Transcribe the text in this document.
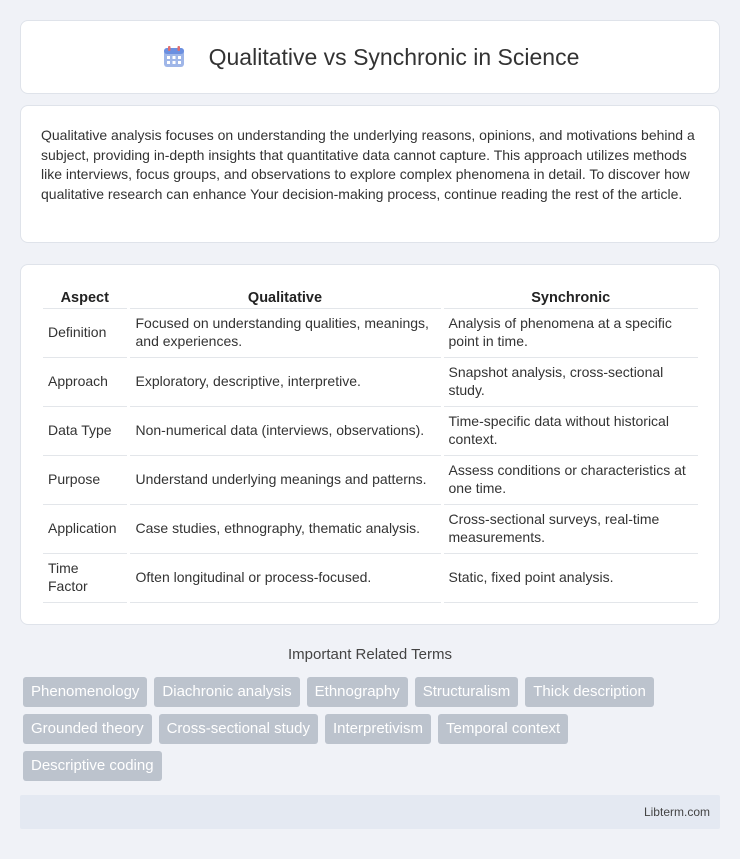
Qualitative vs Synchronic in Science

Qualitative analysis focuses on understanding the underlying reasons, opinions, and motivations behind a subject, providing in-depth insights that quantitative data cannot capture. This approach utilizes methods like interviews, focus groups, and observations to explore complex phenomena in detail. To discover how qualitative research can enhance Your decision-making process, continue reading the rest of the article.

Aspect	Qualitative	Synchronic
Definition	Focused on understanding qualities, meanings, and experiences.	Analysis of phenomena at a specific point in time.
Approach	Exploratory, descriptive, interpretive.	Snapshot analysis, cross-sectional study.
Data Type	Non-numerical data (interviews, observations).	Time-specific data without historical context.
Purpose	Understand underlying meanings and patterns.	Assess conditions or characteristics at one time.
Application	Case studies, ethnography, thematic analysis.	Cross-sectional surveys, real-time measurements.
Time Factor	Often longitudinal or process-focused.	Static, fixed point analysis.
Important Related Terms
Phenomenology	Diachronic analysis	Ethnography	Structuralism	Thick description
Grounded theory	Cross-sectional study	Interpretivism	Temporal context
Descriptive coding
Libterm.com
